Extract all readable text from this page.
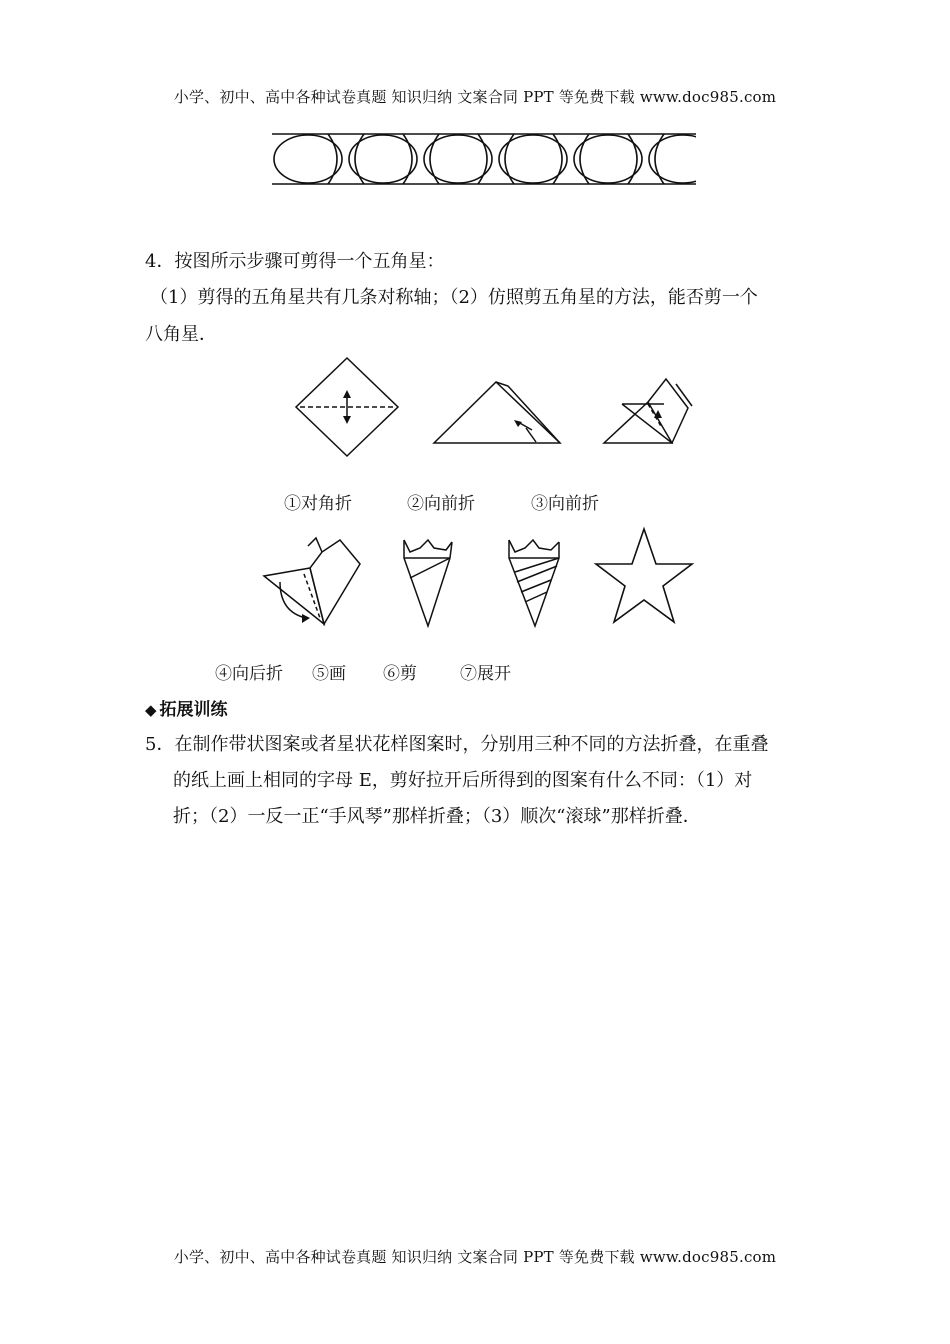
小学、初中、高中各种试卷真题 知识归纳 文案合同 PPT 等免费下载 www.doc985.com
4．按图所示步骤可剪得一个五角星：
（1）剪得的五角星共有几条对称轴；（2）仿照剪五角星的方法，能否剪一个
八角星．
①对角折	②向前折	③向前折
④向后折 ⑤画 ⑥剪	⑦展开
◆ 拓展训练
5．在制作带状图案或者星状花样图案时，分别用三种不同的方法折叠，在重叠
的纸上画上相同的字母 E，剪好拉开后所得到的图案有什么不同：（1）对
折；（2）一反一正“手风琴”那样折叠；（3）顺次“滚球”那样折叠．
小学、初中、高中各种试卷真题 知识归纳 文案合同 PPT 等免费下载 www.doc985.com
